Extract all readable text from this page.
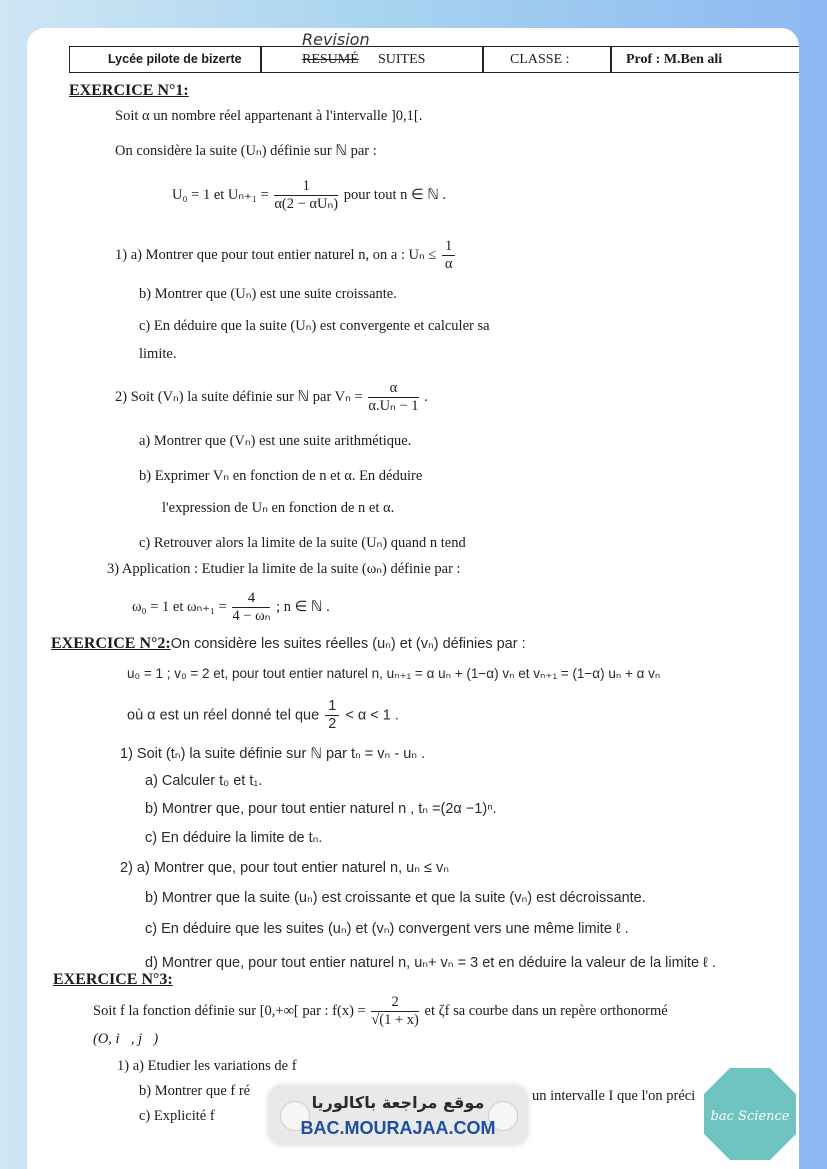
Lycée pilote de bizerte	RESUMÉ SUITES	CLASSE :	Prof : M.Ben ali
Revision
EXERCICE N°1:
Soit α un nombre réel appartenant à l'intervalle ]0,1[.
On considère la suite (Uₙ) définie sur ℕ par :
U₀ = 1 et $U_{n+1} = \frac{1}{\text{α(2 − αUₙ)}}$ pour tout n ∈ ℕ .
1) a) Montrer que pour tout entier naturel n, on a : $U_n \le \frac{1}{\alpha}$
b) Montrer que (Uₙ) est une suite croissante.
c) En déduire que la suite (Uₙ) est convergente et calculer sa
limite.
2) Soit (Vₙ) la suite définie sur ℕ par $V_n = \frac{\alpha}{\text{α.Uₙ − 1}}$ .
a) Montrer que (Vₙ) est une suite arithmétique.
b) Exprimer Vₙ en fonction de n et α. En déduire
l'expression de Uₙ en fonction de n et α.
c) Retrouver alors la limite de la suite (Uₙ) quand n tend
3) Application : Etudier la limite de la suite (ωₙ) définie par :
ω₀ = 1 et $\omega_{n+1} = \frac{4}{\text{4 − ωₙ}}$ ; n ∈ ℕ .
EXERCICE N°2:On considère les suites réelles (uₙ) et (vₙ) définies par :
u₀ = 1 ; v₀ = 2 et, pour tout entier naturel n, uₙ₊₁ = α uₙ + (1−α) vₙ et vₙ₊₁ = (1−α) uₙ + α vₙ
où α est un réel donné tel que $\frac{1}{2} < \alpha < 1$ .
1) Soit (tₙ) la suite définie sur ℕ par tₙ = vₙ - uₙ .
a) Calculer t₀ et t₁.
b) Montrer que, pour tout entier naturel n , tₙ =(2α −1)ⁿ.
c) En déduire la limite de tₙ.
2) a) Montrer que, pour tout entier naturel n, uₙ ≤ vₙ
b) Montrer que la suite (uₙ) est croissante et que la suite (vₙ) est décroissante.
c) En déduire que les suites (uₙ) et (vₙ) convergent vers une même limite ℓ .
d) Montrer que, pour tout entier naturel n, uₙ+ vₙ = 3 et en déduire la valeur de la limite ℓ .
EXERCICE N°3:
Soit f la fonction définie sur [0,+∞[ par : $f(x) = \frac{2}{√(1 + x)}$ et ζf sa courbe dans un repère orthonormé
(O, i⃗, j⃗)
1) a) Etudier les variations de f
b) Montrer que f ré	un intervalle I que l'on préci
c) Explicité f
موقع مراجعة باكالوريا
BAC.MOURAJAA.COM
bac Science
